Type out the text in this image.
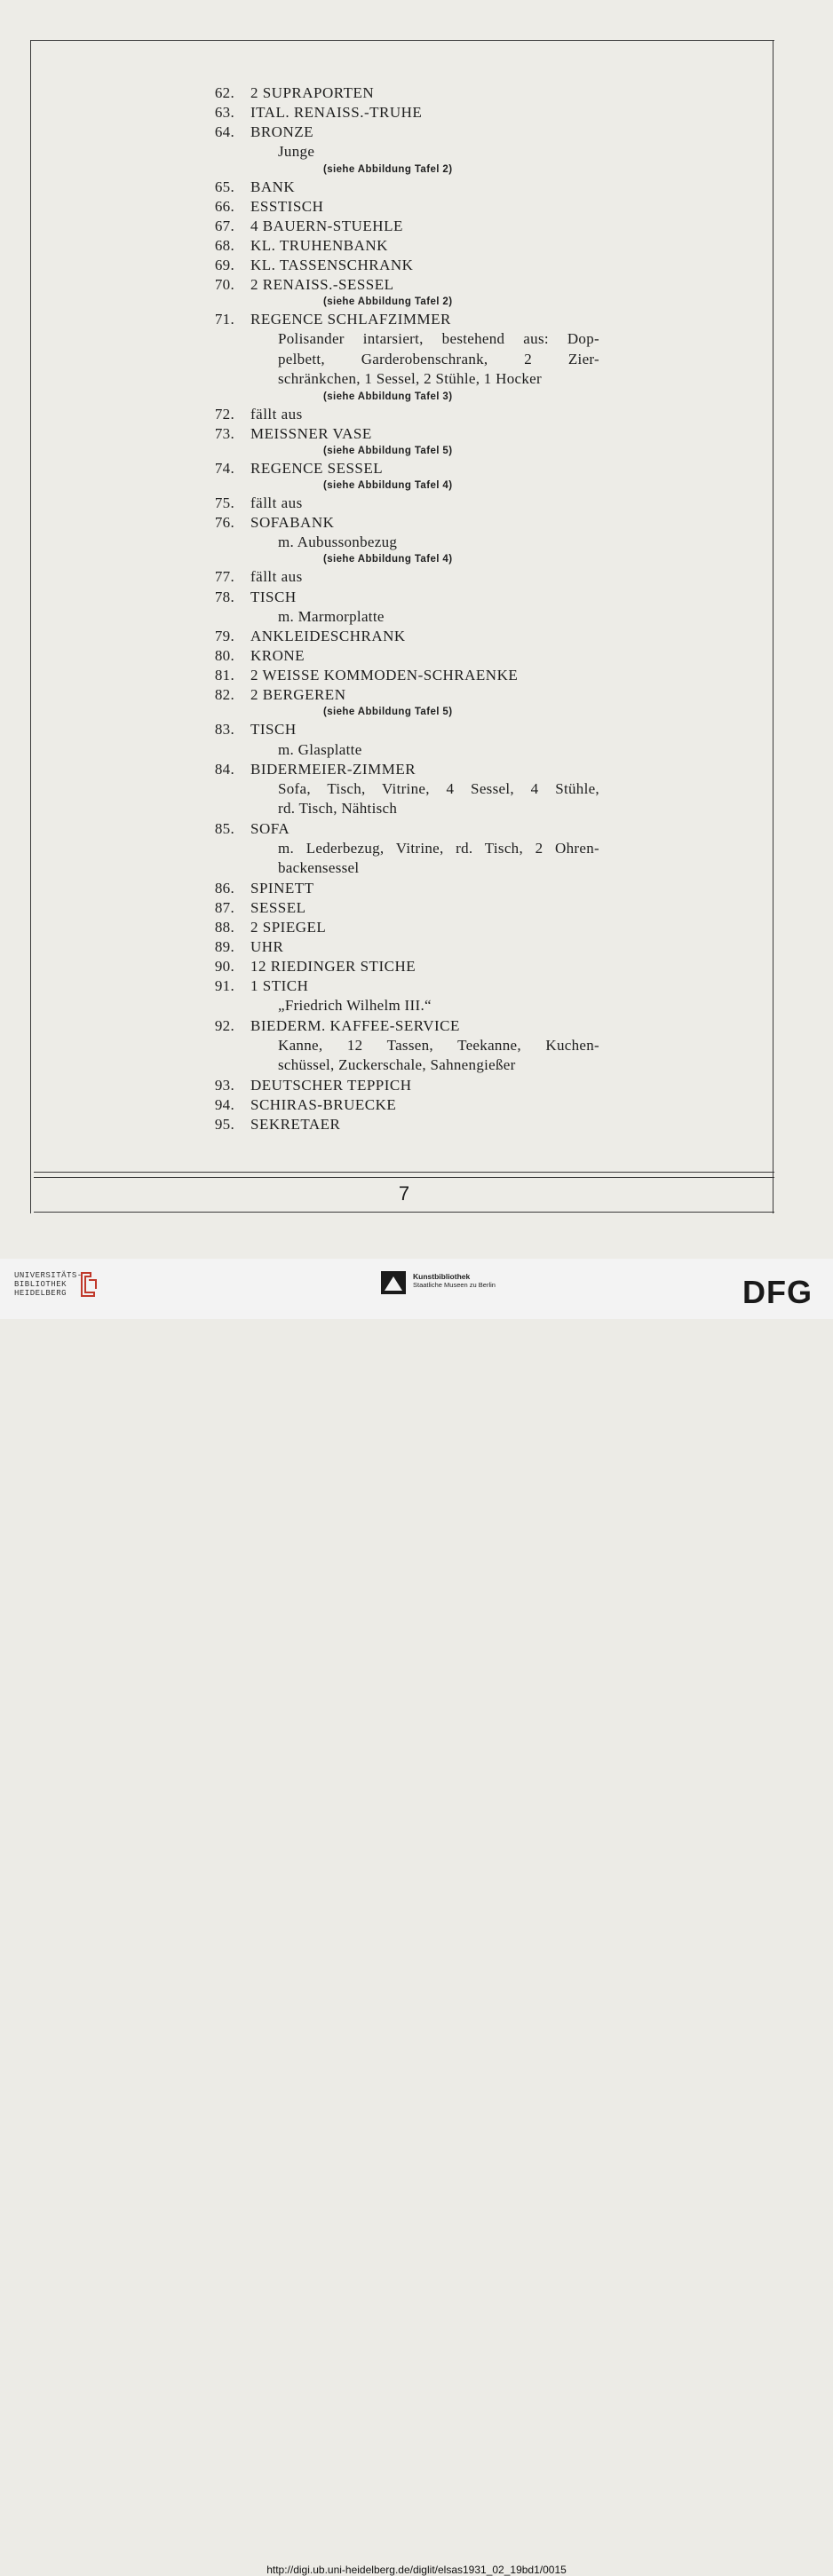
62. 2 SUPRAPORTEN
63. ITAL. RENAISS.-TRUHE
64. BRONZE
Junge
(siehe Abbildung Tafel 2)
65. BANK
66. ESSTISCH
67. 4 BAUERN-STUEHLE
68. KL. TRUHENBANK
69. KL. TASSENSCHRANK
70. 2 RENAISS.-SESSEL
(siehe Abbildung Tafel 2)
71. REGENCE SCHLAFZIMMER
Polisander intarsiert, bestehend aus: Dop-
pelbett, Garderobenschrank, 2 Zier-
schränkchen, 1 Sessel, 2 Stühle, 1 Hocker
(siehe Abbildung Tafel 3)
72. fällt aus
73. MEISSNER VASE
(siehe Abbildung Tafel 5)
74. REGENCE SESSEL
(siehe Abbildung Tafel 4)
75. fällt aus
76. SOFABANK
m. Aubussonbezug
(siehe Abbildung Tafel 4)
77. fällt aus
78. TISCH
m. Marmorplatte
79. ANKLEIDESCHRANK
80. KRONE
81. 2 WEISSE KOMMODEN-SCHRAENKE
82. 2 BERGEREN
(siehe Abbildung Tafel 5)
83. TISCH
m. Glasplatte
84. BIDERMEIER-ZIMMER
Sofa, Tisch, Vitrine, 4 Sessel, 4 Stühle,
rd. Tisch, Nähtisch
85. SOFA
m. Lederbezug, Vitrine, rd. Tisch, 2 Ohren-
backensessel
86. SPINETT
87. SESSEL
88. 2 SPIEGEL
89. UHR
90. 12 RIEDINGER STICHE
91. 1 STICH
„Friedrich Wilhelm III.“
92. BIEDERM. KAFFEE-SERVICE
Kanne, 12 Tassen, Teekanne, Kuchen-
schüssel, Zuckerschale, Sahnengießer
93. DEUTSCHER TEPPICH
94. SCHIRAS-BRUECKE
95. SEKRETAER
7
UNIVERSITÄTS-
BIBLIOTHEK
HEIDELBERG
Kunstbibliothek
Staatliche Museen zu Berlin	DFG
http://digi.ub.uni-heidelberg.de/diglit/elsas1931_02_19bd1/0015
